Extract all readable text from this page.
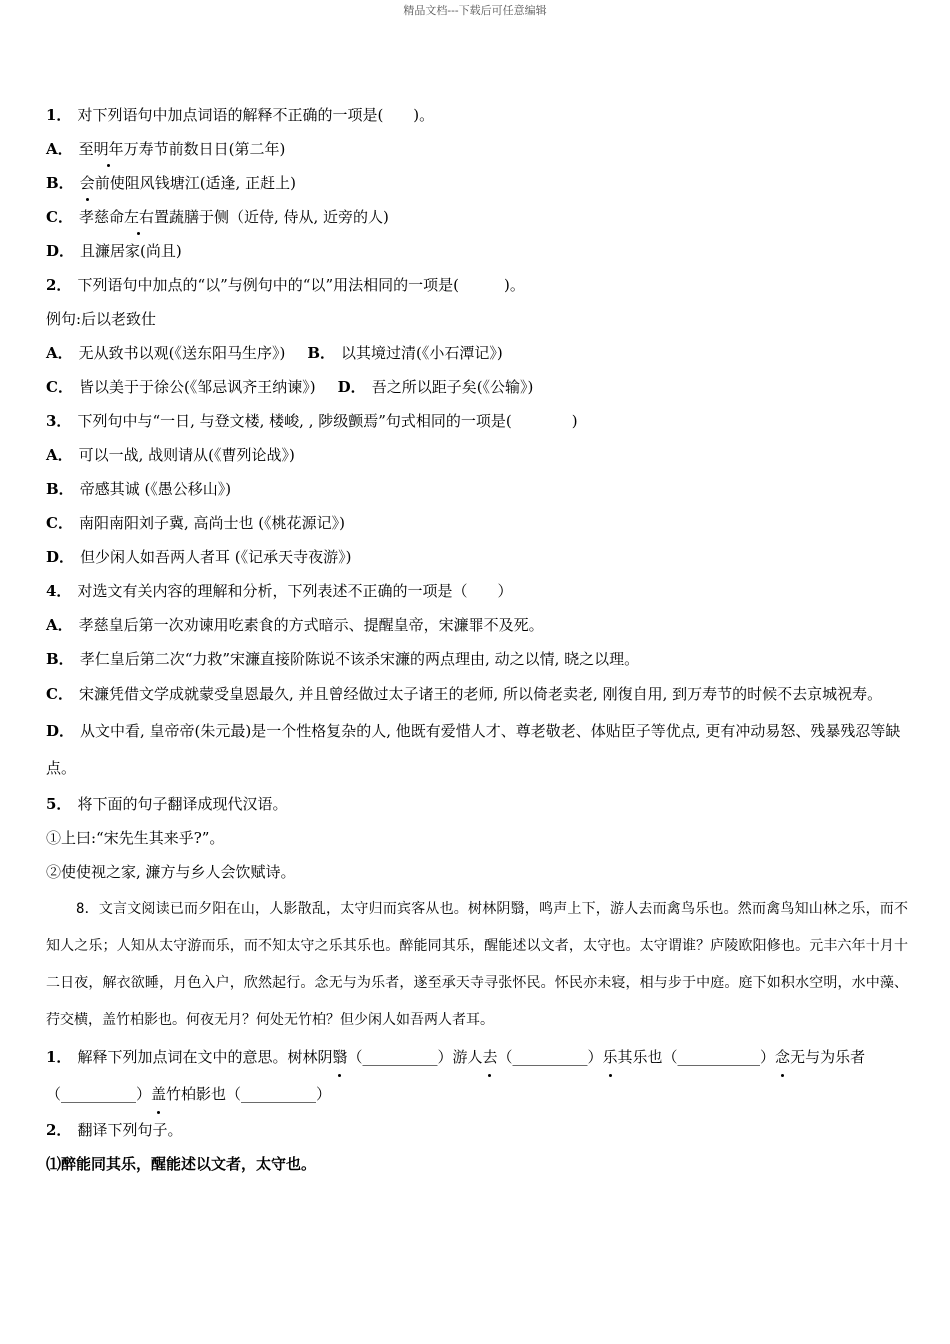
精品文档---下载后可任意编辑
1． 对下列语句中加点词语的解释不正确的一项是(　　)。
A． 至明年万寿节前数日日(第二年)
B． 会前使阻风钱塘江(适逢, 正赶上)
C． 孝慈命左右置蔬膳于侧（近侍, 侍从, 近旁的人)
D． 且濂居家(尚且)
2． 下列语句中加点的“以”与例句中的“以”用法相同的一项是(　　　)。
例句:后以老致仕
A． 无从致书以观(《送东阳马生序》) B． 以其境过清(《小石潭记》)
C． 皆以美于于徐公(《邹忌讽齐王纳谏》) D． 吾之所以距子矣(《公输》)
3． 下列句中与“一日, 与登文楼, 楼峻, , 陟级颤焉”句式相同的一项是(　　　　)
A． 可以一战, 战则请从(《曹列论战》)
B． 帝感其诚 (《愚公移山》)
C． 南阳南阳刘子冀, 高尚士也 (《桃花源记》)
D． 但少闲人如吾两人者耳 (《记承天寺夜游》)
4． 对选文有关内容的理解和分析，下列表述不正确的一项是（　　）
A． 孝慈皇后第一次劝谏用吃素食的方式暗示、提醒皇帝，宋濂罪不及死。
B． 孝仁皇后第二次“力救”宋濂直接阶陈说不该杀宋濂的两点理由, 动之以情, 晓之以理。
C． 宋濂凭借文学成就蒙受皇恩最久, 并且曾经做过太子诸王的老师, 所以倚老卖老, 刚復自用, 到万寿节的时候不去京城祝寿。
D． 从文中看, 皇帝帝(朱元最)是一个性格复杂的人, 他既有爱惜人才、尊老敬老、体贴臣子等优点, 更有冲动易怒、残暴残忍等缺点。
5． 将下面的句子翻译成现代汉语。
①上曰:“宋先生其来乎?”。
②使使视之家, 濂方与乡人会饮赋诗。
8．文言文阅读已而夕阳在山，人影散乱，太守归而宾客从也。树林阴翳，鸣声上下，游人去而禽鸟乐也。然而禽鸟知山林之乐，而不知人之乐；人知从太守游而乐，而不知太守之乐其乐也。醉能同其乐，醒能述以文者，太守也。太守谓谁？庐陵欧阳修也。元丰六年十月十二日夜，解衣欲睡，月色入户，欣然起行。念无与为乐者，遂至承天寺寻张怀民。怀民亦未寝，相与步于中庭。庭下如积水空明，水中藻、荇交横，盖竹柏影也。何夜无月？何处无竹柏？但少闲人如吾两人者耳。
1． 解释下列加点词在文中的意思。树林阴翳（__________）游人去（__________）乐其乐也（___________）念无与为乐者（__________）盖竹柏影也（__________）
2． 翻译下列句子。
⑴醉能同其乐，醒能述以文者，太守也。
